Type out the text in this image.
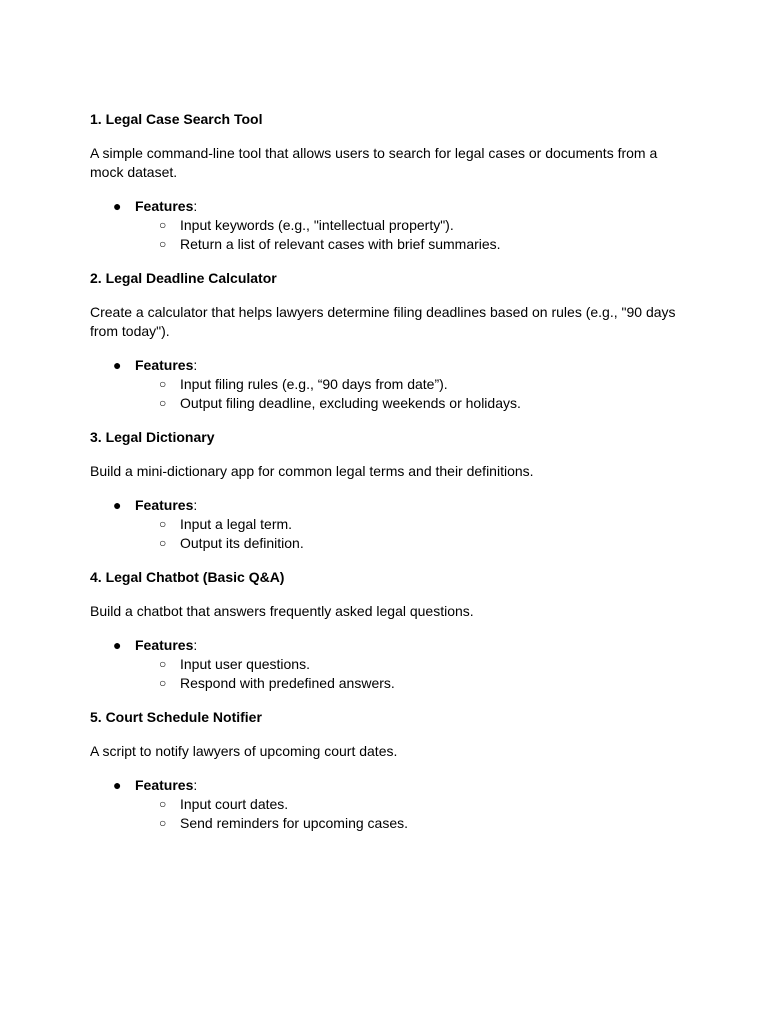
1. Legal Case Search Tool

A simple command-line tool that allows users to search for legal cases or documents from a mock dataset.

● Features:
○ Input keywords (e.g., "intellectual property").
○ Return a list of relevant cases with brief summaries.

2. Legal Deadline Calculator

Create a calculator that helps lawyers determine filing deadlines based on rules (e.g., "90 days from today").

● Features:
○ Input filing rules (e.g., “90 days from date”).
○ Output filing deadline, excluding weekends or holidays.

3. Legal Dictionary

Build a mini-dictionary app for common legal terms and their definitions.

● Features:
○ Input a legal term.
○ Output its definition.

4. Legal Chatbot (Basic Q&A)

Build a chatbot that answers frequently asked legal questions.

● Features:
○ Input user questions.
○ Respond with predefined answers.

5. Court Schedule Notifier

A script to notify lawyers of upcoming court dates.

● Features:
○ Input court dates.
○ Send reminders for upcoming cases.
